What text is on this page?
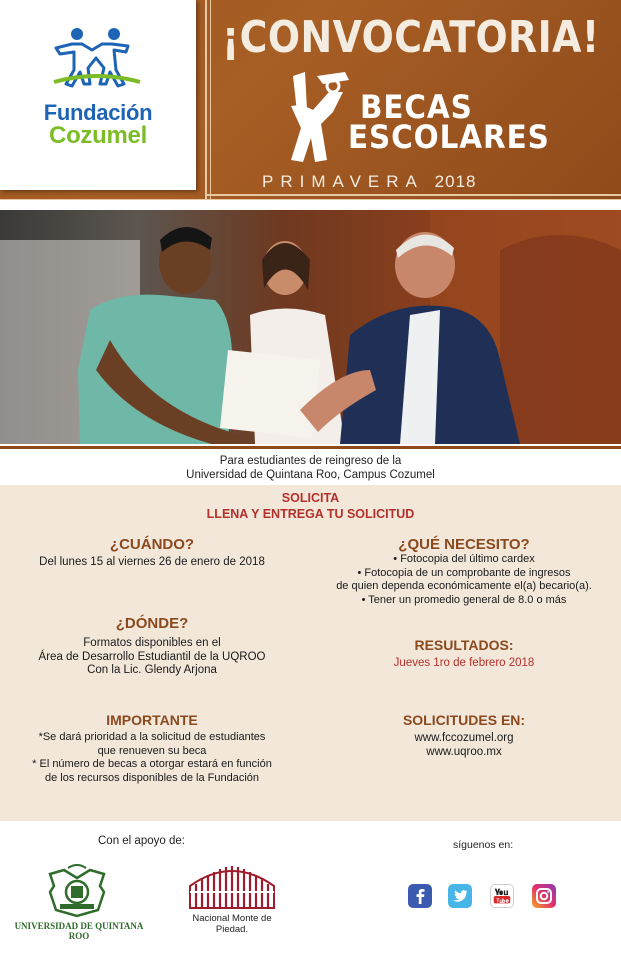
Fundación
Cozumel
¡CONVOCATORIA!
BECAS
ESCOLARES
PRIMAVERA 2018
Para estudiantes de reingreso de la
Universidad de Quintana Roo, Campus Cozumel
SOLICITA
LLENA Y ENTREGA TU SOLICITUD
¿CUÁNDO?
Del lunes 15 al viernes 26 de enero de 2018
¿QUÉ NECESITO?
• Fotocopia del último cardex
• Fotocopia de un comprobante de ingresos
de quien dependa económicamente el(a) becario(a).
• Tener un promedio general de 8.0 o más
¿DÓNDE?
Formatos disponibles en el
Área de Desarrollo Estudiantil de la UQROO
Con la Lic. Glendy Arjona
RESULTADOS:
Jueves 1ro de febrero 2018
IMPORTANTE
*Se dará prioridad a la solicitud de estudiantes
que renueven su beca
* El número de becas a otorgar estará en función
de los recursos disponibles de la Fundación
SOLICITUDES EN:
www.fccozumel.org
www.uqroo.mx
Con el apoyo de:	síguenos en:
UNIVERSIDAD DE QUINTANA ROO
Nacional Monte de Piedad.
